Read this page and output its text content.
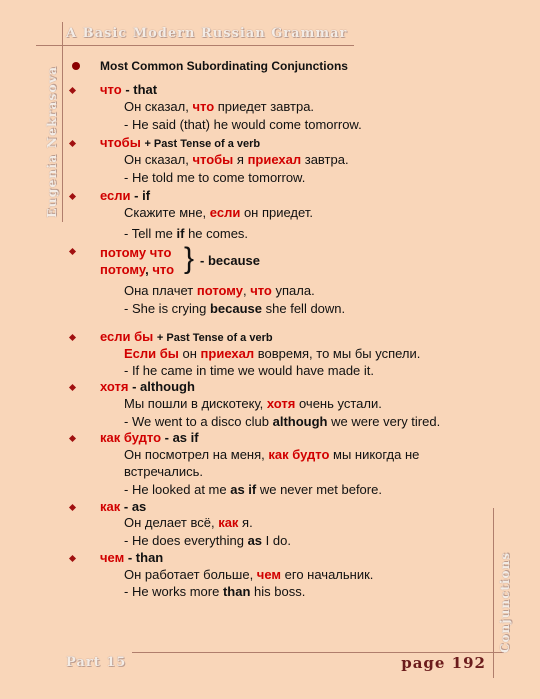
A Basic Modern Russian Grammar
Eugenia Nekrasova
Conjunctions
Part 15	page 192
Most Common Subordinating Conjunctions
что - that
Он сказал, что приедет завтра.
- He said (that) he would come tomorrow.
чтобы + Past Tense of a verb
Он сказал, чтобы я приехал завтра.
- He told me to come tomorrow.
если - if
Скажите мне, если он приедет.
- Tell me if he comes.
потому что
потому, что } - because
Она плачет потому, что упала.
- She is crying because she fell down.
если бы + Past Tense of a verb
Если бы он приехал вовремя, то мы бы успели.
- If he came in time we would have made it.
хотя - although
Мы пошли в дискотеку, хотя очень устали.
- We went to a disco club although we were very tired.
как будто - as if
Он посмотрел на меня, как будто мы никогда не
встречались.
- He looked at me as if we never met before.
как - as
Он делает всё, как я.
- He does everything as I do.
чем - than
Он работает больше, чем его начальник.
- He works more than his boss.
